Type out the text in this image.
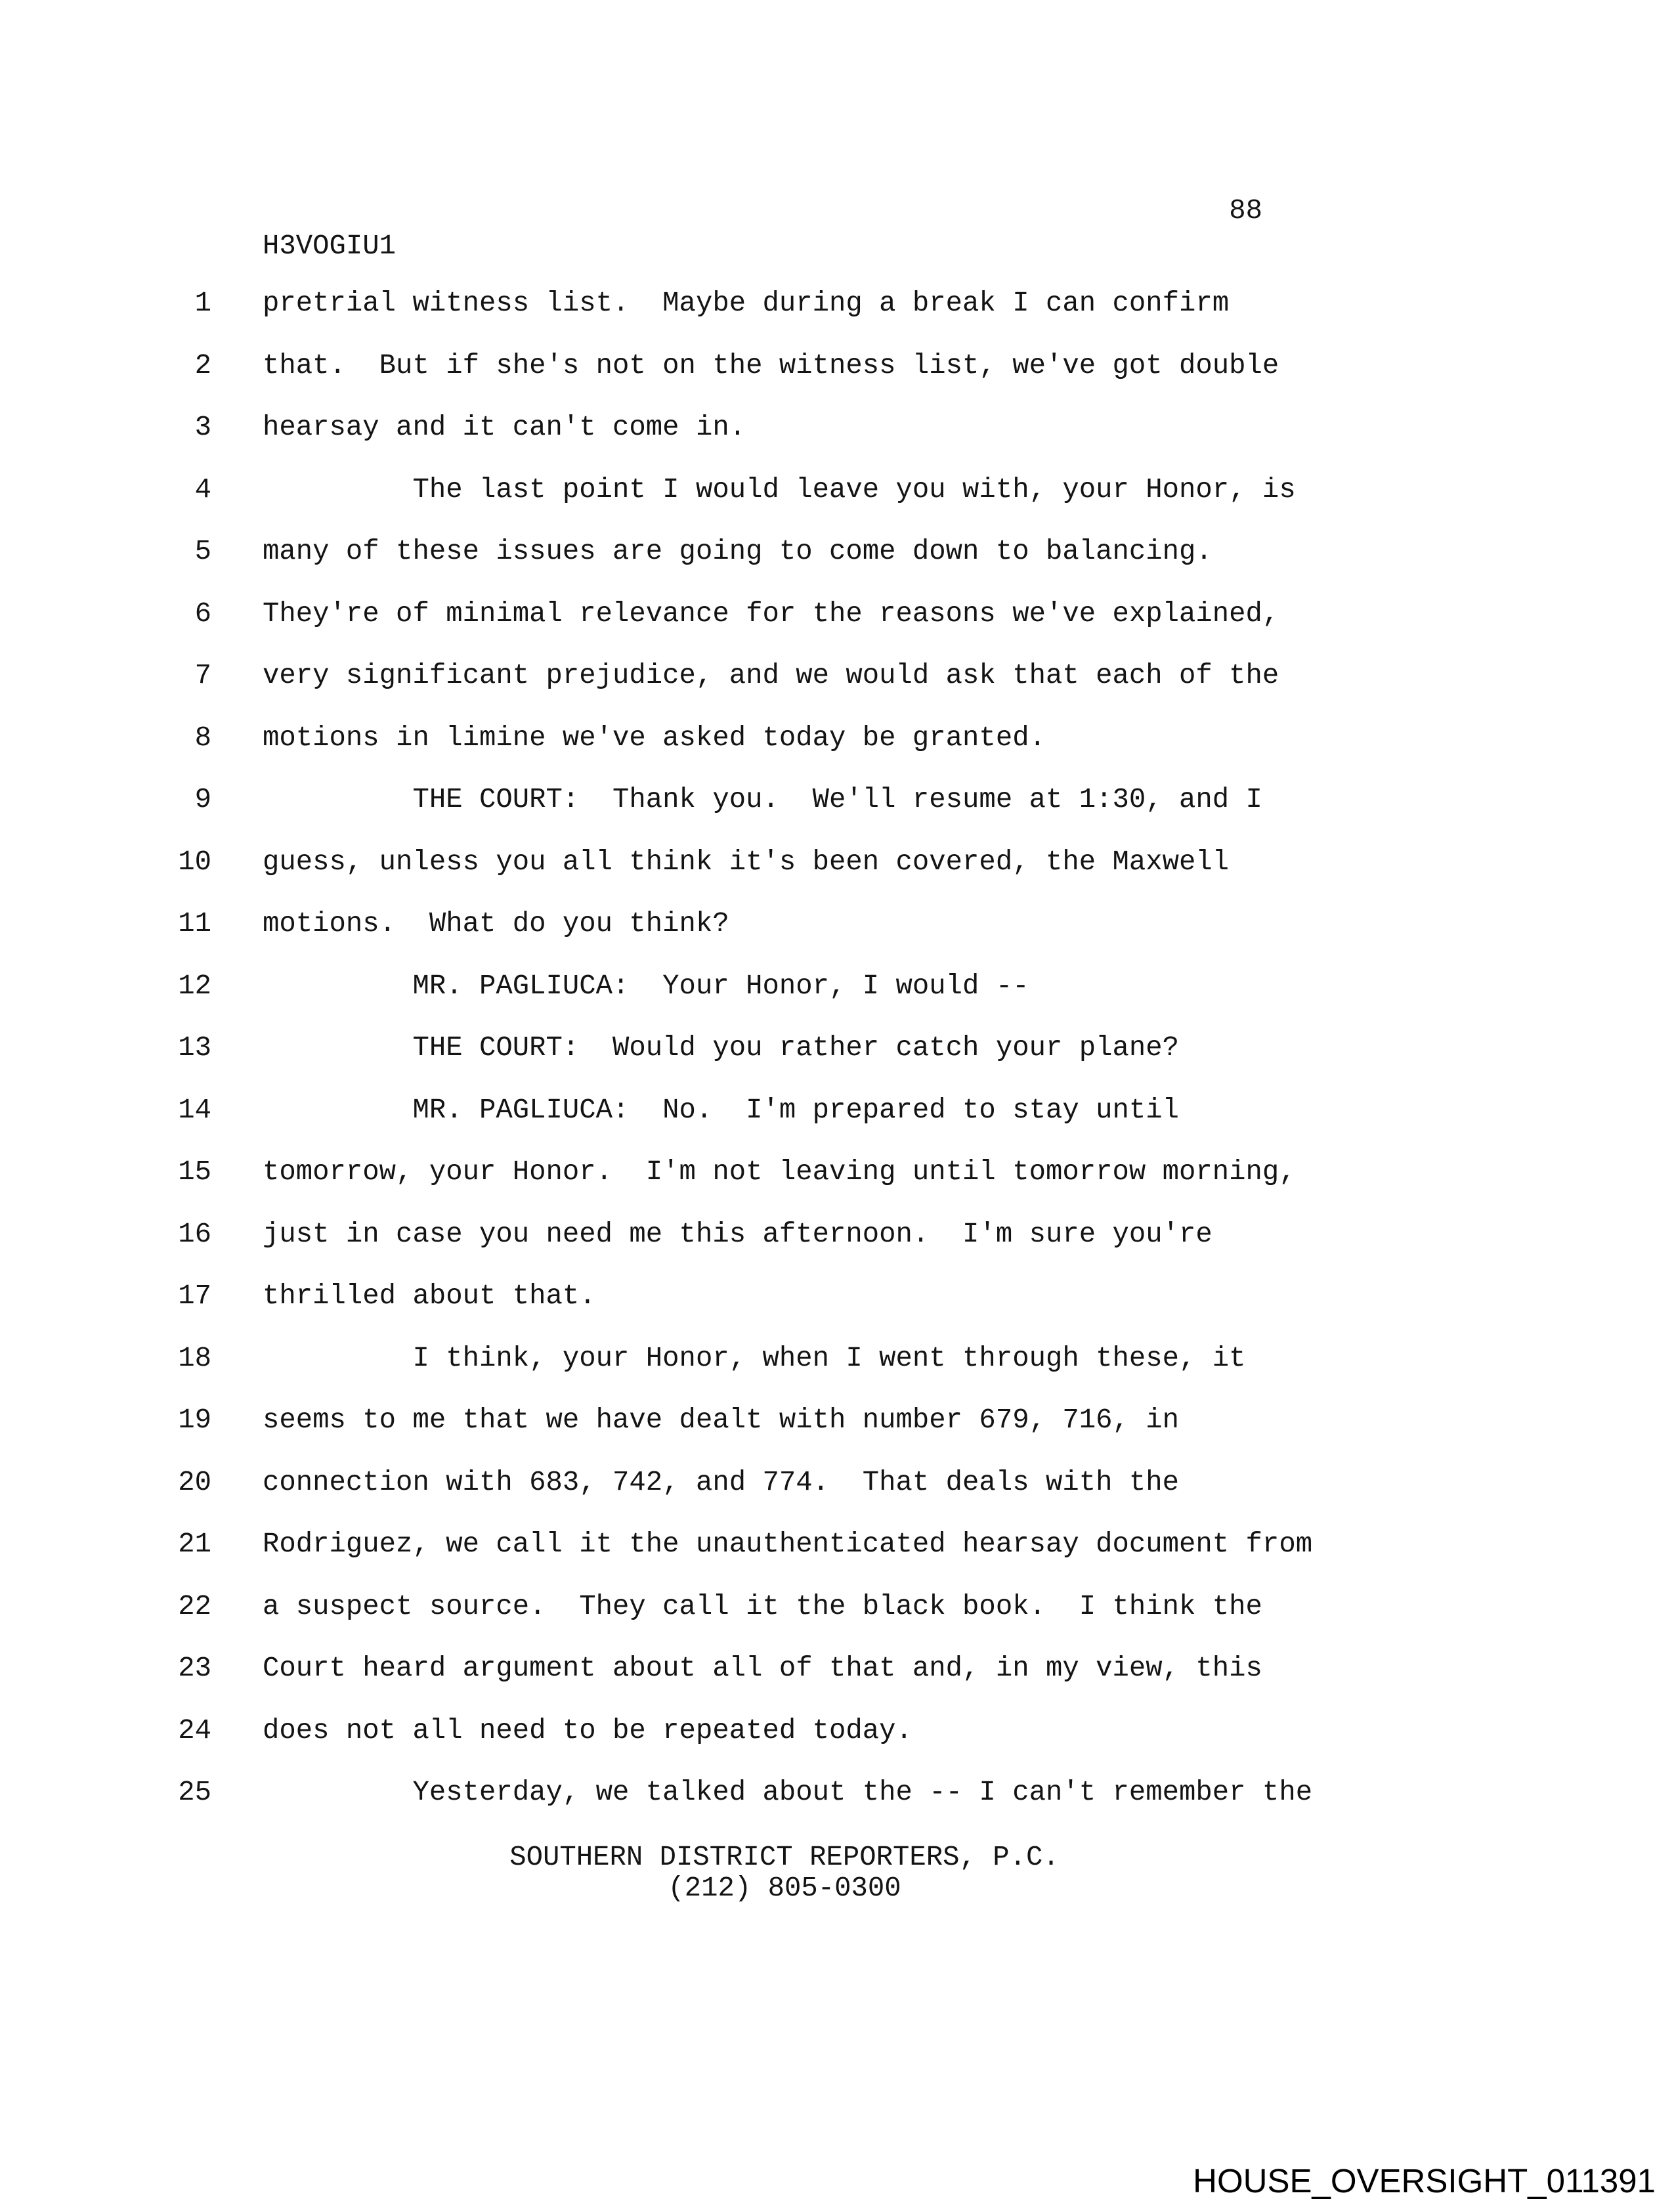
88
H3VOGIU1
1 pretrial witness list.  Maybe during a break I can confirm
2 that.  But if she's not on the witness list, we've got double
3 hearsay and it can't come in.
4 The last point I would leave you with, your Honor, is
5 many of these issues are going to come down to balancing.
6 They're of minimal relevance for the reasons we've explained,
7 very significant prejudice, and we would ask that each of the
8 motions in limine we've asked today be granted.
9 THE COURT:  Thank you.  We'll resume at 1:30, and I
10 guess, unless you all think it's been covered, the Maxwell
11 motions.  What do you think?
12 MR. PAGLIUCA:  Your Honor, I would --
13 THE COURT:  Would you rather catch your plane?
14 MR. PAGLIUCA:  No.  I'm prepared to stay until
15 tomorrow, your Honor.  I'm not leaving until tomorrow morning,
16 just in case you need me this afternoon.  I'm sure you're
17 thrilled about that.
18 I think, your Honor, when I went through these, it
19 seems to me that we have dealt with number 679, 716, in
20 connection with 683, 742, and 774.  That deals with the
21 Rodriguez, we call it the unauthenticated hearsay document from
22 a suspect source.  They call it the black book.  I think the
23 Court heard argument about all of that and, in my view, this
24 does not all need to be repeated today.
25 Yesterday, we talked about the -- I can't remember the
SOUTHERN DISTRICT REPORTERS, P.C.
(212) 805-0300
HOUSE_OVERSIGHT_011391
